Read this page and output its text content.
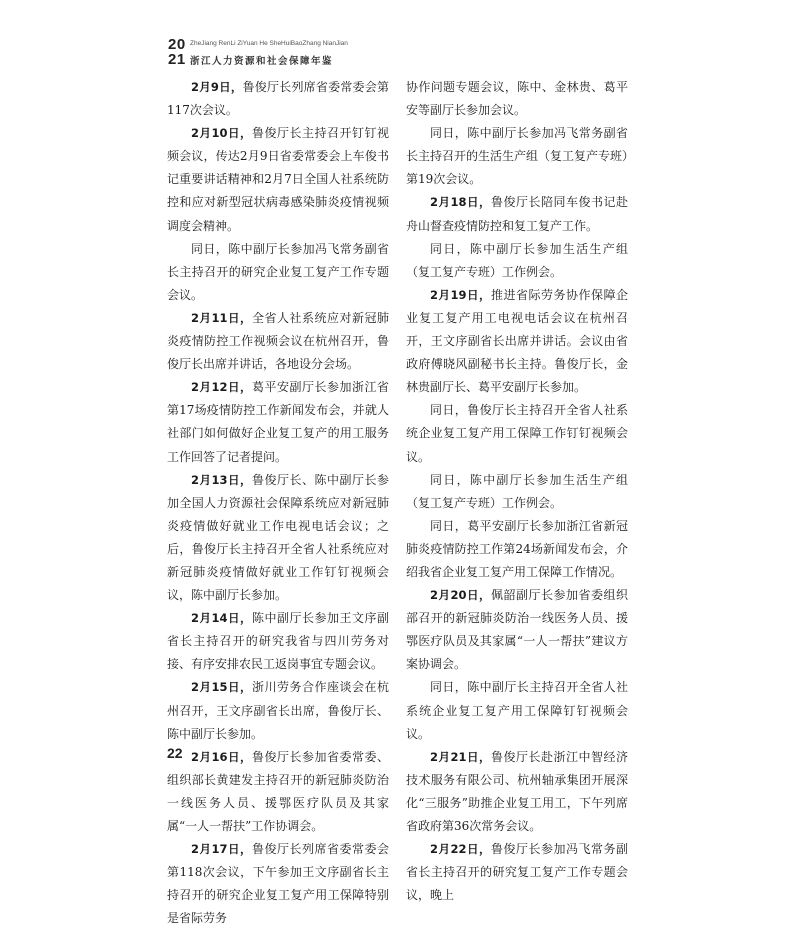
20
21
ZheJiang RenLi ZiYuan He SheHuiBaoZhang NianJian
浙江人力资源和社会保障年鉴

2月9日，鲁俊厅长列席省委常委会第117次会议。

2月10日，鲁俊厅长主持召开钉钉视频会议，传达2月9日省委常委会上车俊书记重要讲话精神和2月7日全国人社系统防控和应对新型冠状病毒感染肺炎疫情视频调度会精神。

同日，陈中副厅长参加冯飞常务副省长主持召开的研究企业复工复产工作专题会议。

2月11日，全省人社系统应对新冠肺炎疫情防控工作视频会议在杭州召开，鲁俊厅长出席并讲话，各地设分会场。

2月12日，葛平安副厅长参加浙江省第17场疫情防控工作新闻发布会，并就人社部门如何做好企业复工复产的用工服务工作回答了记者提问。

2月13日，鲁俊厅长、陈中副厅长参加全国人力资源社会保障系统应对新冠肺炎疫情做好就业工作电视电话会议；之后，鲁俊厅长主持召开全省人社系统应对新冠肺炎疫情做好就业工作钉钉视频会议，陈中副厅长参加。

2月14日，陈中副厅长参加王文序副省长主持召开的研究我省与四川劳务对接、有序安排农民工返岗事宜专题会议。

2月15日，浙川劳务合作座谈会在杭州召开，王文序副省长出席，鲁俊厅长、陈中副厅长参加。

2月16日，鲁俊厅长参加省委常委、组织部长黄建发主持召开的新冠肺炎防治一线医务人员、援鄂医疗队员及其家属“一人一帮扶”工作协调会。

2月17日，鲁俊厅长列席省委常委会第118次会议，下午参加王文序副省长主持召开的研究企业复工复产用工保障特别是省际劳务

协作问题专题会议，陈中、金林贵、葛平安等副厅长参加会议。

同日，陈中副厅长参加冯飞常务副省长主持召开的生活生产组（复工复产专班）第19次会议。

2月18日，鲁俊厅长陪同车俊书记赴舟山督查疫情防控和复工复产工作。

同日，陈中副厅长参加生活生产组（复工复产专班）工作例会。

2月19日，推进省际劳务协作保障企业复工复产用工电视电话会议在杭州召开，王文序副省长出席并讲话。会议由省政府傅晓风副秘书长主持。鲁俊厅长，金林贵副厅长、葛平安副厅长参加。

同日，鲁俊厅长主持召开全省人社系统企业复工复产用工保障工作钉钉视频会议。

同日，陈中副厅长参加生活生产组（复工复产专班）工作例会。

同日，葛平安副厅长参加浙江省新冠肺炎疫情防控工作第24场新闻发布会，介绍我省企业复工复产用工保障工作情况。

2月20日，佩韶副厅长参加省委组织部召开的新冠肺炎防治一线医务人员、援鄂医疗队员及其家属“一人一帮扶”建议方案协调会。

同日，陈中副厅长主持召开全省人社系统企业复工复产用工保障钉钉视频会议。

2月21日，鲁俊厅长赴浙江中智经济技术服务有限公司、杭州轴承集团开展深化“三服务”助推企业复工用工，下午列席省政府第36次常务会议。

2月22日，鲁俊厅长参加冯飞常务副省长主持召开的研究复工复产工作专题会议，晚上

22
